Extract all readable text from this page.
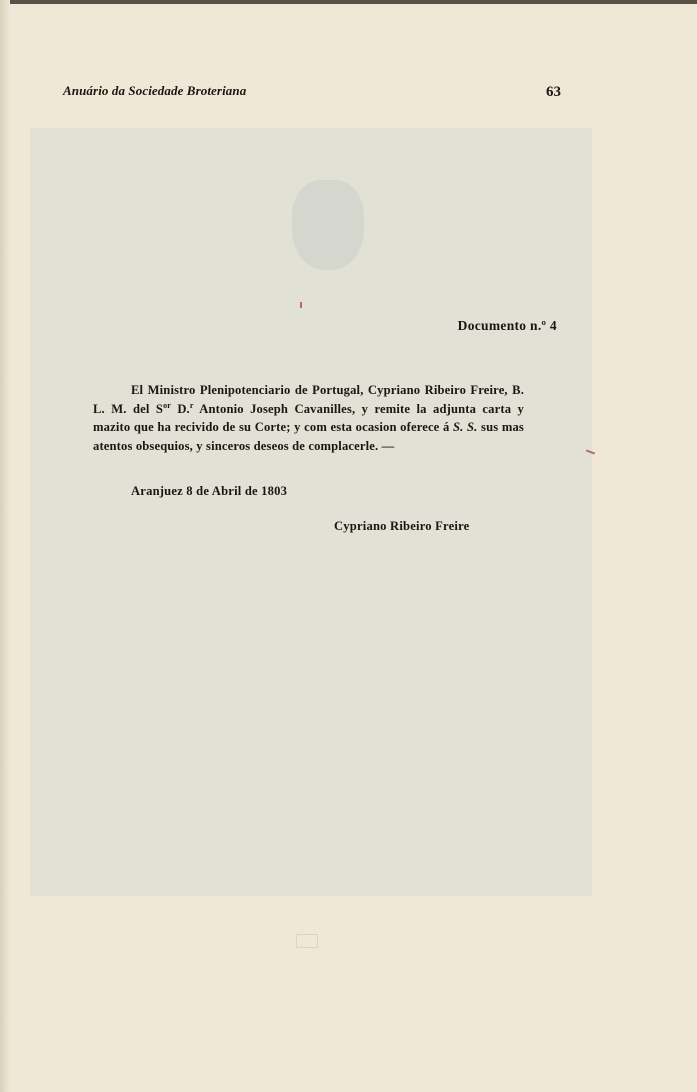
Anuário da Sociedade Broteriana	63
Documento n.º 4

El Ministro Plenipotenciario de Portugal, Cypriano Ribeiro Freire, B. L. M. del $S^{or}$ D.$^r$ Antonio Joseph Cavanilles, y remite la adjunta carta y mazito que ha recivido de su Corte; y com esta ocasion oferece á S. S. sus mas atentos obsequios, y sinceros deseos de complacerle. —

Aranjuez 8 de Abril de 1803
Cypriano Ribeiro Freire
